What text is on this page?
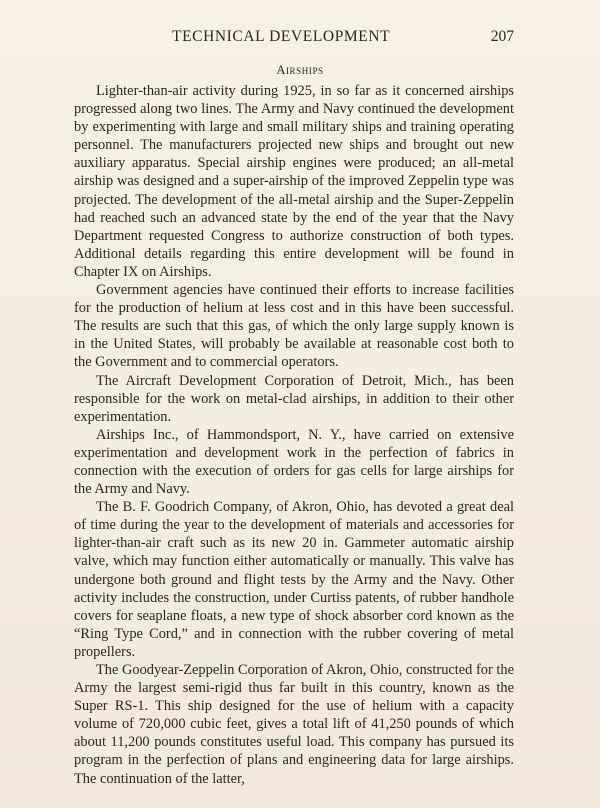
TECHNICAL DEVELOPMENT	207
Airships

Lighter-than-air activity during 1925, in so far as it concerned airships progressed along two lines. The Army and Navy continued the development by experimenting with large and small military ships and training operating personnel. The manufacturers projected new ships and brought out new auxiliary apparatus. Special airship engines were produced; an all-metal airship was designed and a super-airship of the improved Zeppelin type was projected. The development of the all-metal airship and the Super-Zeppelin had reached such an advanced state by the end of the year that the Navy Department requested Congress to authorize construction of both types. Additional details regarding this entire development will be found in Chapter IX on Airships.

Government agencies have continued their efforts to increase facilities for the production of helium at less cost and in this have been successful. The results are such that this gas, of which the only large supply known is in the United States, will probably be available at reasonable cost both to the Government and to commercial operators.

The Aircraft Development Corporation of Detroit, Mich., has been responsible for the work on metal-clad airships, in addition to their other experimentation.

Airships Inc., of Hammondsport, N. Y., have carried on extensive experimentation and development work in the perfection of fabrics in connection with the execution of orders for gas cells for large airships for the Army and Navy.

The B. F. Goodrich Company, of Akron, Ohio, has devoted a great deal of time during the year to the development of materials and accessories for lighter-than-air craft such as its new 20 in. Gammeter automatic airship valve, which may function either automatically or manually. This valve has undergone both ground and flight tests by the Army and the Navy. Other activity includes the construction, under Curtiss patents, of rubber handhole covers for seaplane floats, a new type of shock absorber cord known as the “Ring Type Cord,” and in connection with the rubber covering of metal propellers.

The Goodyear-Zeppelin Corporation of Akron, Ohio, constructed for the Army the largest semi-rigid thus far built in this country, known as the Super RS-1. This ship designed for the use of helium with a capacity volume of 720,000 cubic feet, gives a total lift of 41,250 pounds of which about 11,200 pounds constitutes useful load. This company has pursued its program in the perfection of plans and engineering data for large airships. The continuation of the latter,
